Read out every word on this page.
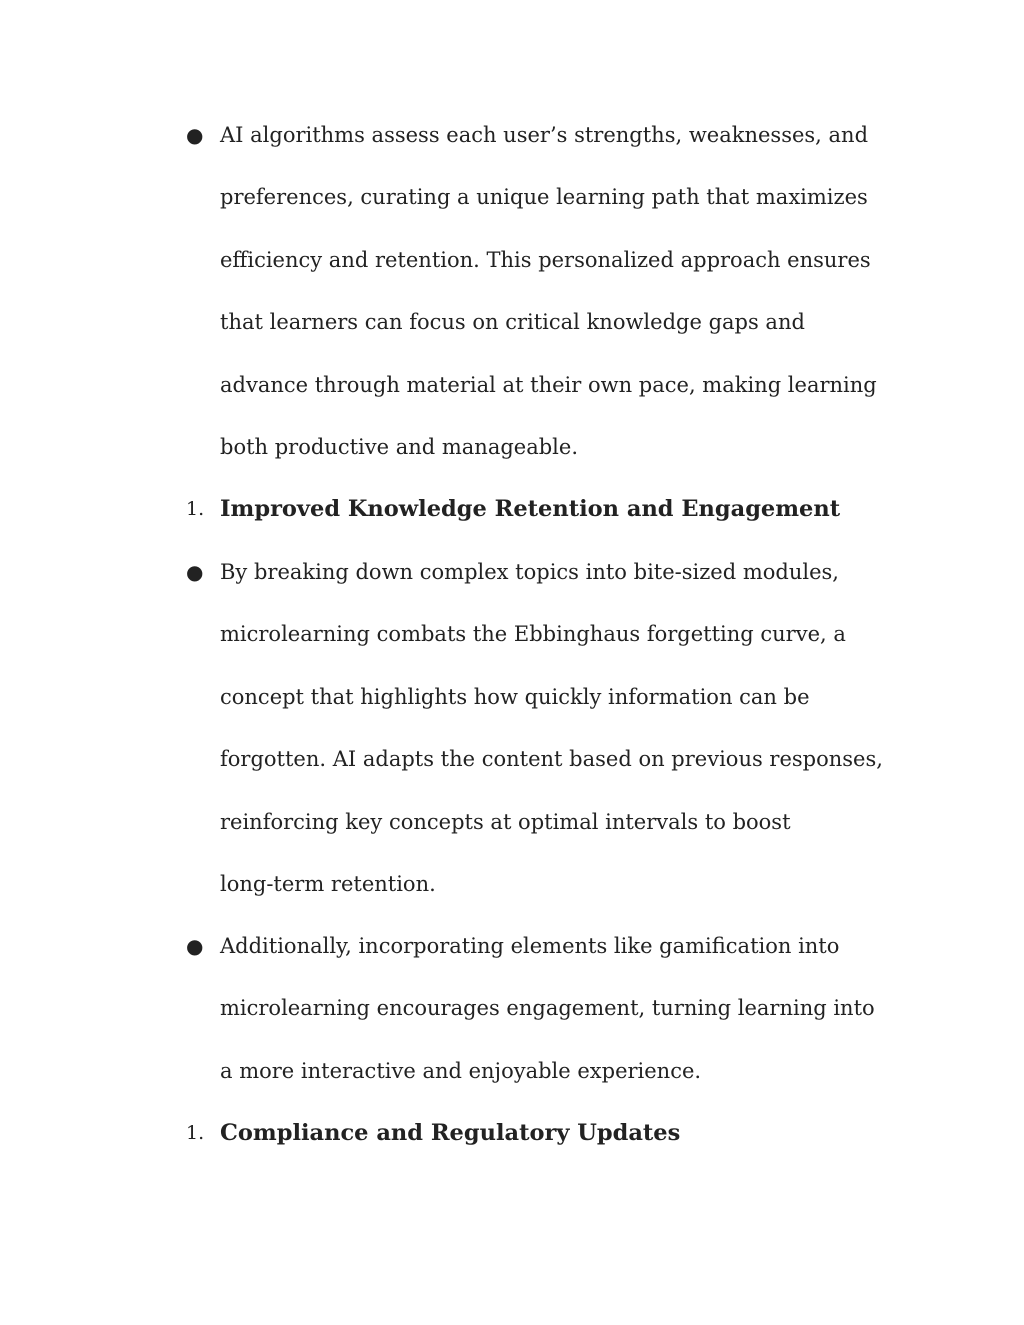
● AI algorithms assess each user’s strengths, weaknesses, and
preferences, curating a unique learning path that maximizes
efficiency and retention. This personalized approach ensures
that learners can focus on critical knowledge gaps and
advance through material at their own pace, making learning
both productive and manageable.
1. Improved Knowledge Retention and Engagement
● By breaking down complex topics into bite-sized modules,
microlearning combats the Ebbinghaus forgetting curve, a
concept that highlights how quickly information can be
forgotten. AI adapts the content based on previous responses,
reinforcing key concepts at optimal intervals to boost
long-term retention.
● Additionally, incorporating elements like gamification into
microlearning encourages engagement, turning learning into
a more interactive and enjoyable experience.
1. Compliance and Regulatory Updates
